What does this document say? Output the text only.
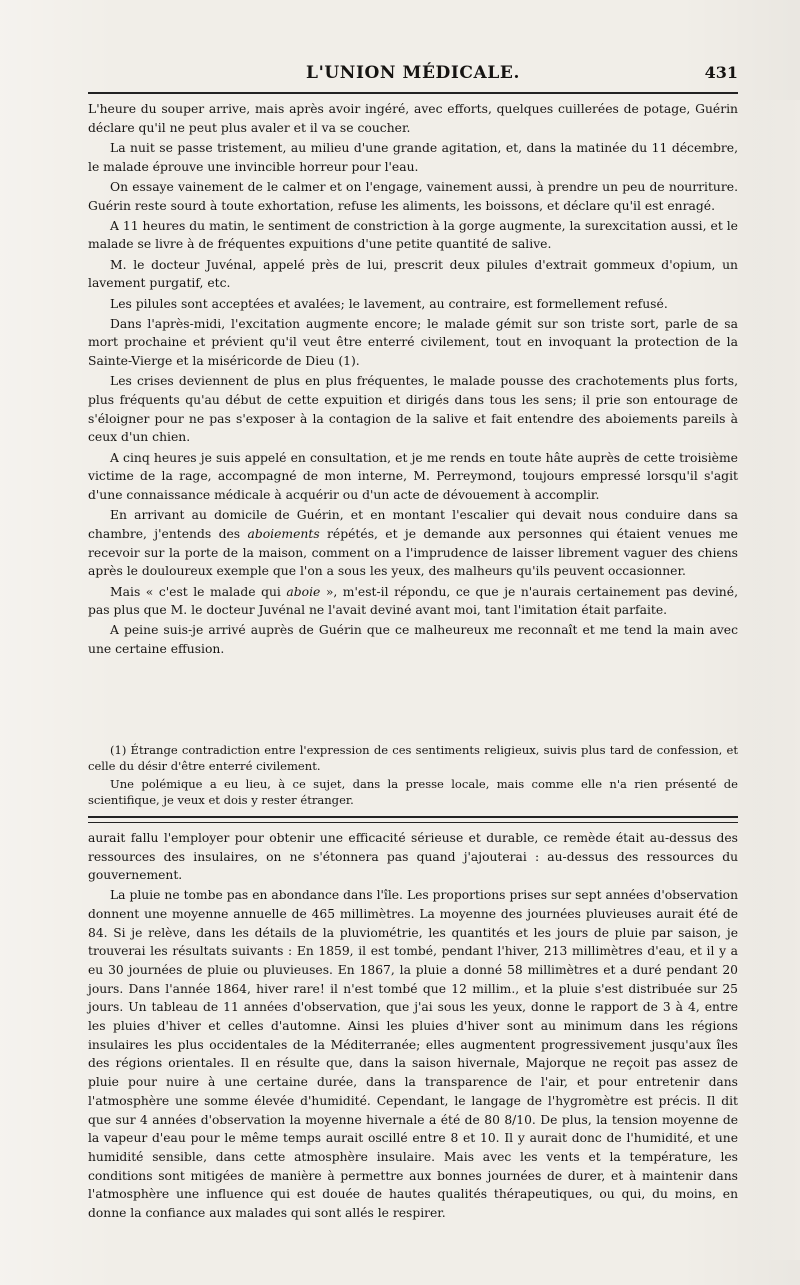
L'UNION MÉDICALE.	431

L'heure du souper arrive, mais après avoir ingéré, avec efforts, quelques cuillerées de potage, Guérin déclare qu'il ne peut plus avaler et il va se coucher.

La nuit se passe tristement, au milieu d'une grande agitation, et, dans la matinée du 11 décembre, le malade éprouve une invincible horreur pour l'eau.

On essaye vainement de le calmer et on l'engage, vainement aussi, à prendre un peu de nourriture. Guérin reste sourd à toute exhortation, refuse les aliments, les boissons, et déclare qu'il est enragé.

A 11 heures du matin, le sentiment de constriction à la gorge augmente, la surexcitation aussi, et le malade se livre à de fréquentes expuitions d'une petite quantité de salive.

M. le docteur Juvénal, appelé près de lui, prescrit deux pilules d'extrait gommeux d'opium, un lavement purgatif, etc.

Les pilules sont acceptées et avalées; le lavement, au contraire, est formellement refusé.

Dans l'après-midi, l'excitation augmente encore; le malade gémit sur son triste sort, parle de sa mort prochaine et prévient qu'il veut être enterré civilement, tout en invoquant la protection de la Sainte-Vierge et la miséricorde de Dieu (1).

Les crises deviennent de plus en plus fréquentes, le malade pousse des crachotements plus forts, plus fréquents qu'au début de cette expuition et dirigés dans tous les sens; il prie son entourage de s'éloigner pour ne pas s'exposer à la contagion de la salive et fait entendre des aboiements pareils à ceux d'un chien.

A cinq heures je suis appelé en consultation, et je me rends en toute hâte auprès de cette troisième victime de la rage, accompagné de mon interne, M. Perreymond, toujours empressé lorsqu'il s'agit d'une connaissance médicale à acquérir ou d'un acte de dévouement à accomplir.

En arrivant au domicile de Guérin, et en montant l'escalier qui devait nous conduire dans sa chambre, j'entends des aboiements répétés, et je demande aux personnes qui étaient venues me recevoir sur la porte de la maison, comment on a l'imprudence de laisser librement vaguer des chiens après le douloureux exemple que l'on a sous les yeux, des malheurs qu'ils peuvent occasionner.

Mais « c'est le malade qui aboie », m'est-il répondu, ce que je n'aurais certainement pas deviné, pas plus que M. le docteur Juvénal ne l'avait deviné avant moi, tant l'imitation était parfaite.

A peine suis-je arrivé auprès de Guérin que ce malheureux me reconnaît et me tend la main avec une certaine effusion.

(1) Étrange contradiction entre l'expression de ces sentiments religieux, suivis plus tard de confession, et celle du désir d'être enterré civilement.

Une polémique a eu lieu, à ce sujet, dans la presse locale, mais comme elle n'a rien présenté de scientifique, je veux et dois y rester étranger.

aurait fallu l'employer pour obtenir une efficacité sérieuse et durable, ce remède était au-dessus des ressources des insulaires, on ne s'étonnera pas quand j'ajouterai : au-dessus des ressources du gouvernement.

La pluie ne tombe pas en abondance dans l'île. Les proportions prises sur sept années d'observation donnent une moyenne annuelle de 465 millimètres. La moyenne des journées pluvieuses aurait été de 84. Si je relève, dans les détails de la pluviométrie, les quantités et les jours de pluie par saison, je trouverai les résultats suivants : En 1859, il est tombé, pendant l'hiver, 213 millimètres d'eau, et il y a eu 30 journées de pluie ou pluvieuses. En 1867, la pluie a donné 58 millimètres et a duré pendant 20 jours. Dans l'année 1864, hiver rare! il n'est tombé que 12 millim., et la pluie s'est distribuée sur 25 jours. Un tableau de 11 années d'observation, que j'ai sous les yeux, donne le rapport de 3 à 4, entre les pluies d'hiver et celles d'automne. Ainsi les pluies d'hiver sont au minimum dans les régions insulaires les plus occidentales de la Méditerranée; elles augmentent progressivement jusqu'aux îles des régions orientales. Il en résulte que, dans la saison hivernale, Majorque ne reçoit pas assez de pluie pour nuire à une certaine durée, dans la transparence de l'air, et pour entretenir dans l'atmosphère une somme élevée d'humidité. Cependant, le langage de l'hygromètre est précis. Il dit que sur 4 années d'observation la moyenne hivernale a été de 80 8/10. De plus, la tension moyenne de la vapeur d'eau pour le même temps aurait oscillé entre 8 et 10. Il y aurait donc de l'humidité, et une humidité sensible, dans cette atmosphère insulaire. Mais avec les vents et la température, les conditions sont mitigées de manière à permettre aux bonnes journées de durer, et à maintenir dans l'atmosphère une influence qui est douée de hautes qualités thérapeutiques, ou qui, du moins, en donne la confiance aux malades qui sont allés le respirer.
